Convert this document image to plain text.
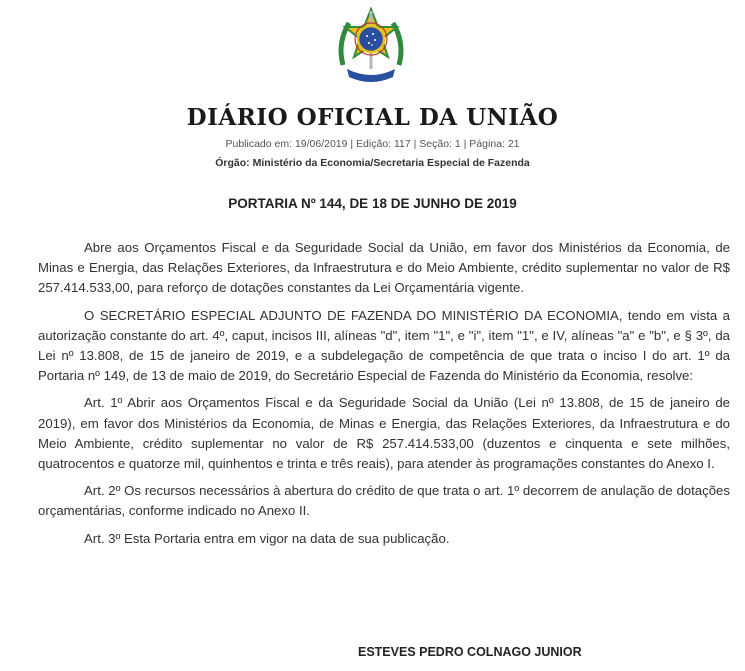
DIÁRIO OFICIAL DA UNIÃO
Publicado em: 19/06/2019 | Edição: 117 | Seção: 1 | Página: 21
Órgão: Ministério da Economia/Secretaria Especial de Fazenda
PORTARIA Nº 144, DE 18 DE JUNHO DE 2019

Abre aos Orçamentos Fiscal e da Seguridade Social da União, em favor dos Ministérios da Economia, de Minas e Energia, das Relações Exteriores, da Infraestrutura e do Meio Ambiente, crédito suplementar no valor de R$ 257.414.533,00, para reforço de dotações constantes da Lei Orçamentária vigente.

O SECRETÁRIO ESPECIAL ADJUNTO DE FAZENDA DO MINISTÉRIO DA ECONOMIA, tendo em vista a autorização constante do art. 4º, caput, incisos III, alíneas "d", item "1", e "i", item "1", e IV, alíneas "a" e "b", e § 3º, da Lei nº 13.808, de 15 de janeiro de 2019, e a subdelegação de competência de que trata o inciso I do art. 1º da Portaria nº 149, de 13 de maio de 2019, do Secretário Especial de Fazenda do Ministério da Economia, resolve:

Art. 1º Abrir aos Orçamentos Fiscal e da Seguridade Social da União (Lei nº 13.808, de 15 de janeiro de 2019), em favor dos Ministérios da Economia, de Minas e Energia, das Relações Exteriores, da Infraestrutura e do Meio Ambiente, crédito suplementar no valor de R$ 257.414.533,00 (duzentos e cinquenta e sete milhões, quatrocentos e quatorze mil, quinhentos e trinta e três reais), para atender às programações constantes do Anexo I.

Art. 2º Os recursos necessários à abertura do crédito de que trata o art. 1º decorrem de anulação de dotações orçamentárias, conforme indicado no Anexo II.

Art. 3º Esta Portaria entra em vigor na data de sua publicação.

ESTEVES PEDRO COLNAGO JUNIOR
